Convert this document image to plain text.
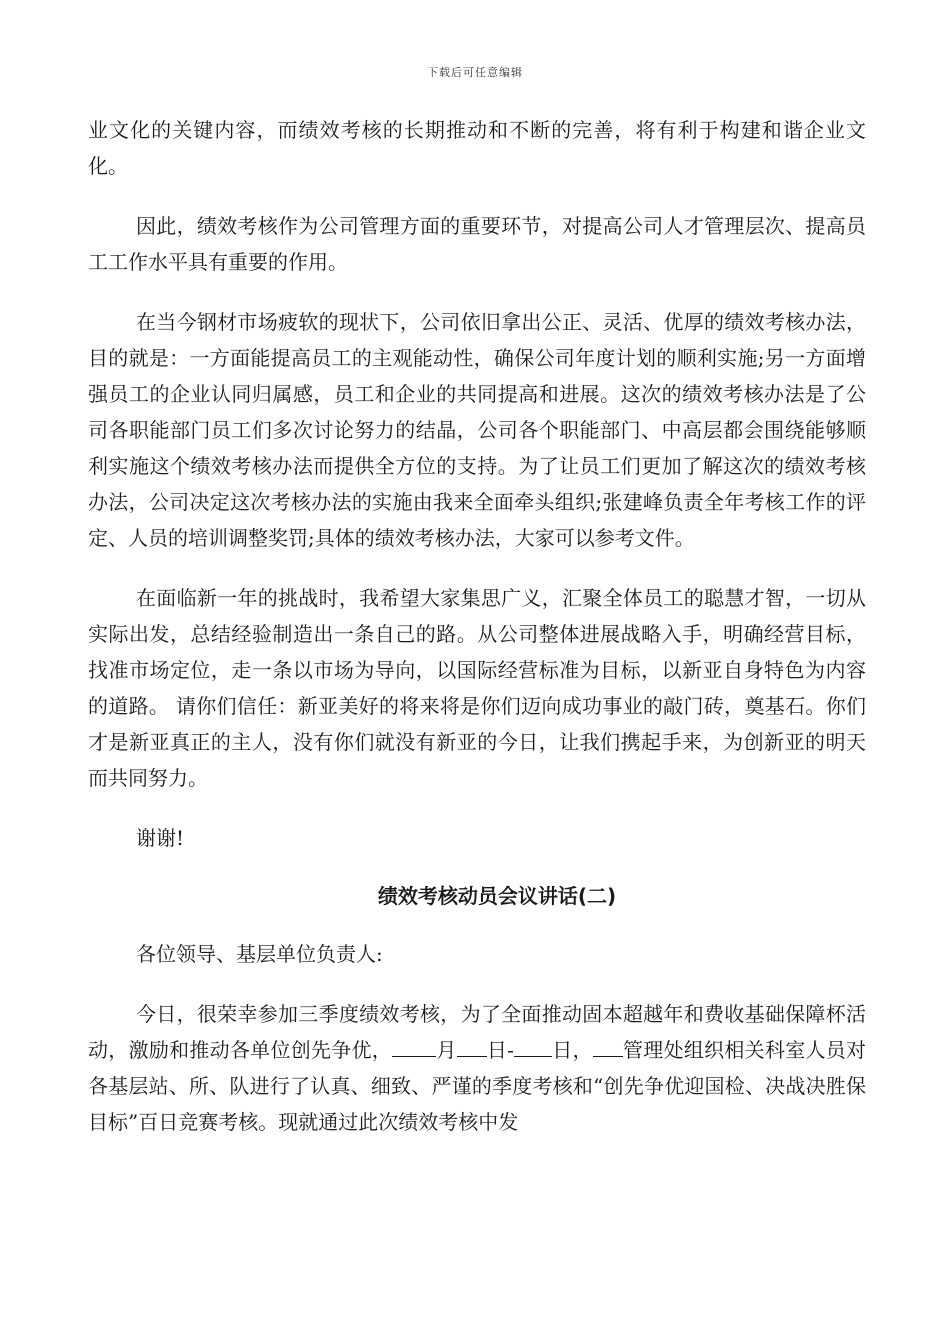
下载后可任意编辑

业文化的关键内容，而绩效考核的长期推动和不断的完善，将有利于构建和谐企业文化。

因此，绩效考核作为公司管理方面的重要环节，对提高公司人才管理层次、提高员工工作水平具有重要的作用。

在当今钢材市场疲软的现状下，公司依旧拿出公正、灵活、优厚的绩效考核办法，目的就是：一方面能提高员工的主观能动性，确保公司年度计划的顺利实施;另一方面增强员工的企业认同归属感，员工和企业的共同提高和进展。这次的绩效考核办法是了公司各职能部门员工们多次讨论努力的结晶，公司各个职能部门、中高层都会围绕能够顺利实施这个绩效考核办法而提供全方位的支持。为了让员工们更加了解这次的绩效考核办法，公司决定这次考核办法的实施由我来全面牵头组织;张建峰负责全年考核工作的评定、人员的培训调整奖罚;具体的绩效考核办法，大家可以参考文件。

在面临新一年的挑战时，我希望大家集思广义，汇聚全体员工的聪慧才智，一切从实际出发，总结经验制造出一条自己的路。从公司整体进展战略入手，明确经营目标，找准市场定位，走一条以市场为导向，以国际经营标准为目标，以新亚自身特色为内容的道路。 请你们信任：新亚美好的将来将是你们迈向成功事业的敲门砖，奠基石。你们才是新亚真正的主人，没有你们就没有新亚的今日，让我们携起手来，为创新亚的明天而共同努力。

谢谢!

绩效考核动员会议讲话(二)

各位领导、基层单位负责人:

今日，很荣幸参加三季度绩效考核，为了全面推动固本超越年和费收基础保障杯活动，激励和推动各单位创先争优， 月 日- 日， 管理处组织相关科室人员对各基层站、所、队进行了认真、细致、严谨的季度考核和“创先争优迎国检、决战决胜保目标”百日竞赛考核。现就通过此次绩效考核中发
